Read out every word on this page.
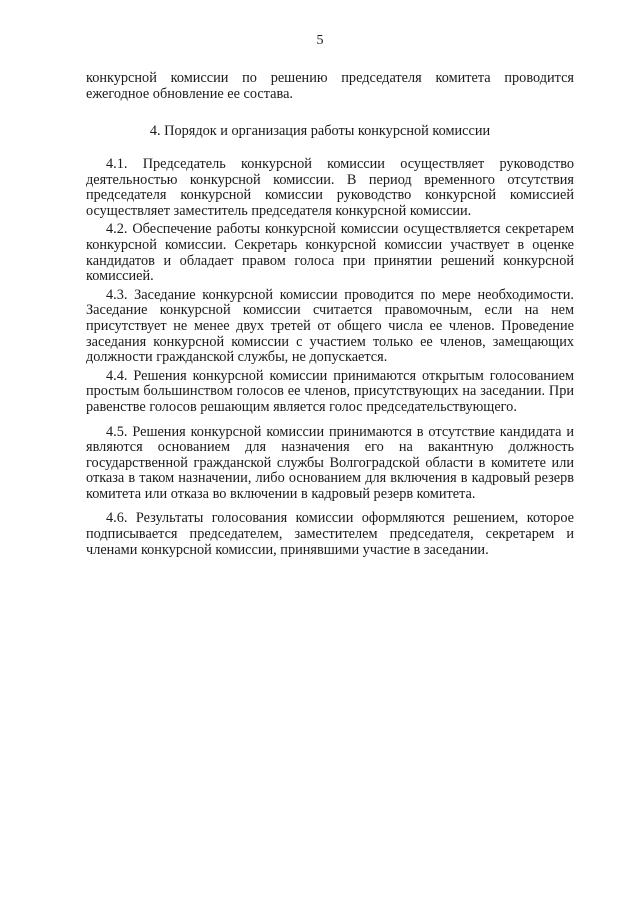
5

конкурсной комиссии по решению председателя комитета проводится ежегодное обновление ее состава.

4. Порядок и организация работы конкурсной комиссии

4.1. Председатель конкурсной комиссии осуществляет руководство деятельностью конкурсной комиссии. В период временного отсутствия председателя конкурсной комиссии руководство конкурсной комиссией осуществляет заместитель председателя конкурсной комиссии.

4.2. Обеспечение работы конкурсной комиссии осуществляется секретарем конкурсной комиссии. Секретарь конкурсной комиссии участвует в оценке кандидатов и обладает правом голоса при принятии решений конкурсной комиссией.

4.3. Заседание конкурсной комиссии проводится по мере необходимости. Заседание конкурсной комиссии считается правомочным, если на нем присутствует не менее двух третей от общего числа ее членов. Проведение заседания конкурсной комиссии с участием только ее членов, замещающих должности гражданской службы, не допускается.

4.4. Решения конкурсной комиссии принимаются открытым голосованием простым большинством голосов ее членов, присутствующих на заседании. При равенстве голосов решающим является голос председательствующего.

4.5. Решения конкурсной комиссии принимаются в отсутствие кандидата и являются основанием для назначения его на вакантную должность государственной гражданской службы Волгоградской области в комитете или отказа в таком назначении, либо основанием для включения в кадровый резерв комитета или отказа во включении в кадровый резерв комитета.

4.6. Результаты голосования комиссии оформляются решением, которое подписывается председателем, заместителем председателя, секретарем и членами конкурсной комиссии, принявшими участие в заседании.
